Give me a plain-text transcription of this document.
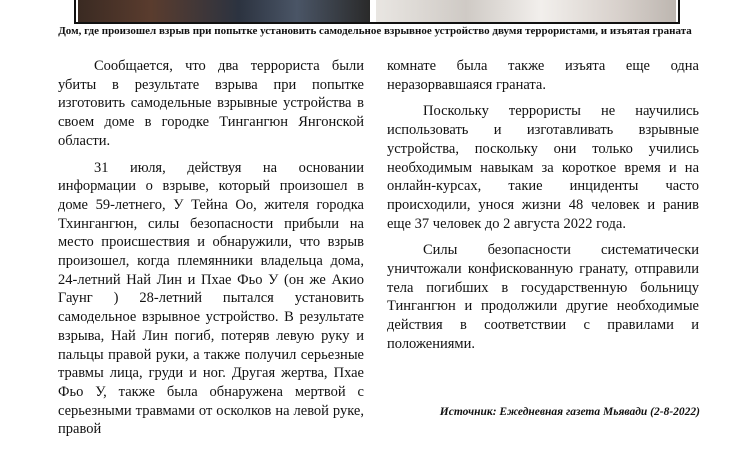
Дом, где произошел взрыв при попытке установить самодельное взрывное устройство двумя террористами, и изъятая граната

Сообщается, что два террориста были убиты в результате взрыва при попытке изготовить самодельные взрывные устройства в своем доме в городке Тингангюн Янгонской области.

31 июля, действуя на основании информации о взрыве, который произошел в доме 59-летнего, У Тейна Оо, жителя городка Тхингангюн, силы безопасности прибыли на место происшествия и обнаружили, что взрыв произошел, когда племянники владельца дома, 24-летний Най Лин и Пхае Фьо У (он же Акио Гаунг ) 28-летний пытался установить самодельное взрывное устройство. В результате взрыва, Най Лин погиб, потеряв левую руку и пальцы правой руки, а также получил серьезные травмы лица, груди и ног. Другая жертва, Пхае Фьо У, также была обнаружена мертвой с серьезными травмами от осколков на левой руке, правой

комнате была также изъята еще одна неразорвавшаяся граната.

Поскольку террористы не научились использовать и изготавливать взрывные устройства, поскольку они только учились необходимым навыкам за короткое время и на онлайн-курсах, такие инциденты часто происходили, унося жизни 48 человек и ранив еще 37 человек до 2 августа 2022 года.

Силы безопасности систематически уничтожали конфискованную гранату, отправили тела погибших в государственную больницу Тингангюн и продолжили другие необходимые действия в соответствии с правилами и положениями.

Источник: Ежедневная газета Мьявади (2-8-2022)
